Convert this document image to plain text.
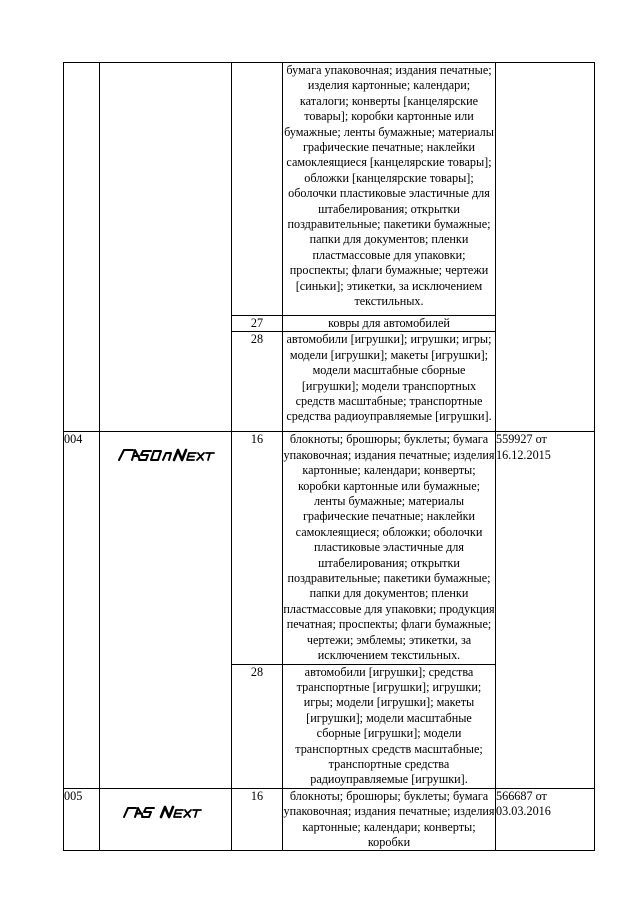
			бумага упаковочная; издания печатные; изделия картонные; календари; каталоги; конверты [канцелярские товары]; коробки картонные или бумажные; ленты бумажные; материалы графические печатные; наклейки самоклеящиеся [канцелярские товары]; обложки [канцелярские товары]; оболочки пластиковые эластичные для штабелирования; открытки поздравительные; пакетики бумажные; папки для документов; пленки пластмассовые для упаковки; проспекты; флаги бумажные; чертежи [синьки]; этикетки, за исключением текстильных.	
		27	ковры для автомобилей	
		28	автомобили [игрушки]; игрушки; игры; модели [игрушки]; макеты [игрушки]; модели масштабные сборные [игрушки]; модели транспортных средств масштабные; транспортные средства радиоуправляемые [игрушки].	
004		16	блокноты; брошюры; буклеты; бумага упаковочная; издания печатные; изделия картонные; календари; конверты; коробки картонные или бумажные; ленты бумажные; материалы графические печатные; наклейки самоклеящиеся; обложки; оболочки пластиковые эластичные для штабелирования; открытки поздравительные; пакетики бумажные; папки для документов; пленки пластмассовые для упаковки; продукция печатная; проспекты; флаги бумажные; чертежи; эмблемы; этикетки, за исключением текстильных.	559927 от 16.12.2015
		28	автомобили [игрушки]; средства транспортные [игрушки]; игрушки; игры; модели [игрушки]; макеты [игрушки]; модели масштабные сборные [игрушки]; модели транспортных средств масштабные; транспортные средства радиоуправляемые [игрушки].	
005		16	блокноты; брошюры; буклеты; бумага упаковочная; издания печатные; изделия картонные; календари; конверты; коробки	566687 от 03.03.2016
